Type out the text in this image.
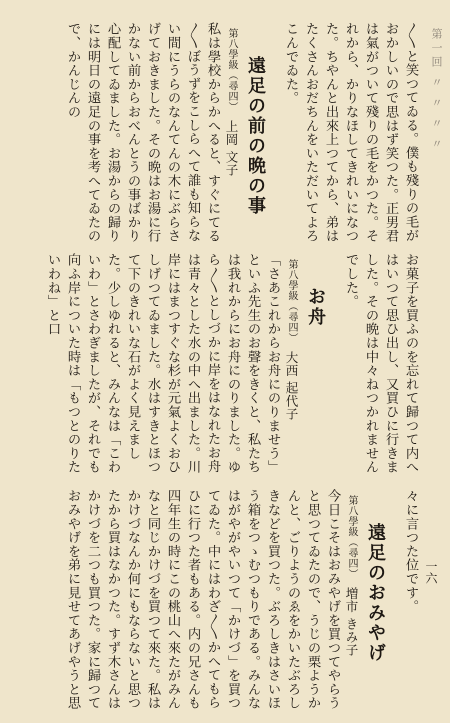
第一回 〃 〃 〃 〃
一六

〳〵と笑つてゐる。僕も殘りの毛がおかしいので思はず笑つた。正男君は氣がついて殘りの毛をかつた。それから、かりなほしてきれいになつた。ちやんと出來上つてから、弟はたくさんおだちんをいただいてよろこんでゐた。

遠足の前の晩の事

第八學級（尋四）　上岡 文子

私は學校からかへると、すぐにてる〳〵ぼうずをこしらへて誰も知らない間にうらのなんてんの木にぶらさげておきました。その晩はお湯に行かない前からおべんとうの事ばかり心配してゐました。お湯からの歸りには明日の遠足の事を考へてゐたので、かんじんの

お菓子を買ふのを忘れて歸つて内へはいつて思ひ出し、又買ひに行きました。その晩は中々ねつかれませんでした。

お舟

第八學級（尋四）　大西 起代子

「さあこれからお舟にのりませう」といふ先生のお聲をきくと、私たちは我れからにお舟にのりました。ゆら〳〵としづかに岸をはなれたお舟は青々とした水の中へ出ました。川岸にはまつすぐな杉が元氣よくおひしげつてゐました。水はすきとほつて下のきれいな石がよく見えました。少しゆれると、みんなは「こわいわ」とさわぎましたが、それでも向ふ岸についた時は「もつとのりたいわね」と口

々に言つた位です。

遠足のおみやげ

第八學級（尋四）　増市 きみ子

今日こそはおみやげを買つてやらうと思つてゐたので、うじの栗ようかんと、ごりようのゑをかいたぶろしきなどを買つた。ぶろしきはさいほう箱をつゝむつもりである。みんなはがやがやいつて「かけづ」を買つてゐた。中にはわざ〳〵かへてもらひに行つた者もある。内の兄さんも四年生の時にこの桃山へ來たがみんなと同じかけづを買つて來た。私はかけづなんか何にもならないと思つたから買はなかつた。すず木さんはかけづを二つも買つた。家に歸つておみやげを弟に見せてあげやうと思
